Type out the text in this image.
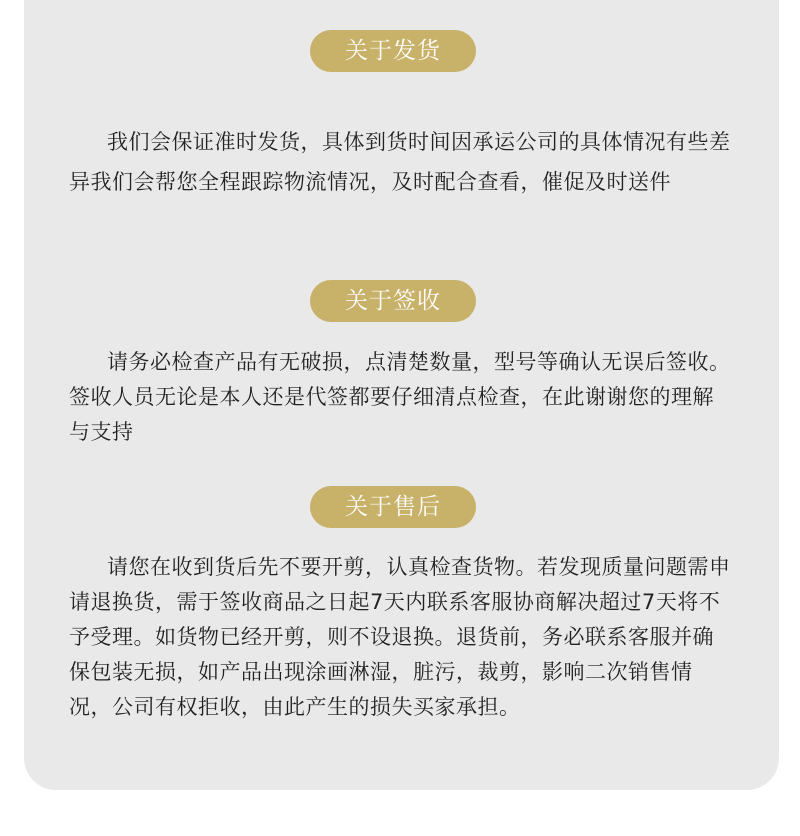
关于发货

我们会保证准时发货，具体到货时间因承运公司的具体情况有些差异我们会帮您全程跟踪物流情况，及时配合查看，催促及时送件

关于签收

请务必检查产品有无破损，点清楚数量，型号等确认无误后签收。签收人员无论是本人还是代签都要仔细清点检查，在此谢谢您的理解与支持

关于售后

请您在收到货后先不要开剪，认真检查货物。若发现质量问题需申请退换货，需于签收商品之日起7天内联系客服协商解决超过7天将不予受理。如货物已经开剪，则不设退换。退货前，务必联系客服并确保包装无损，如产品出现涂画淋湿，脏污，裁剪，影响二次销售情况，公司有权拒收，由此产生的损失买家承担。
